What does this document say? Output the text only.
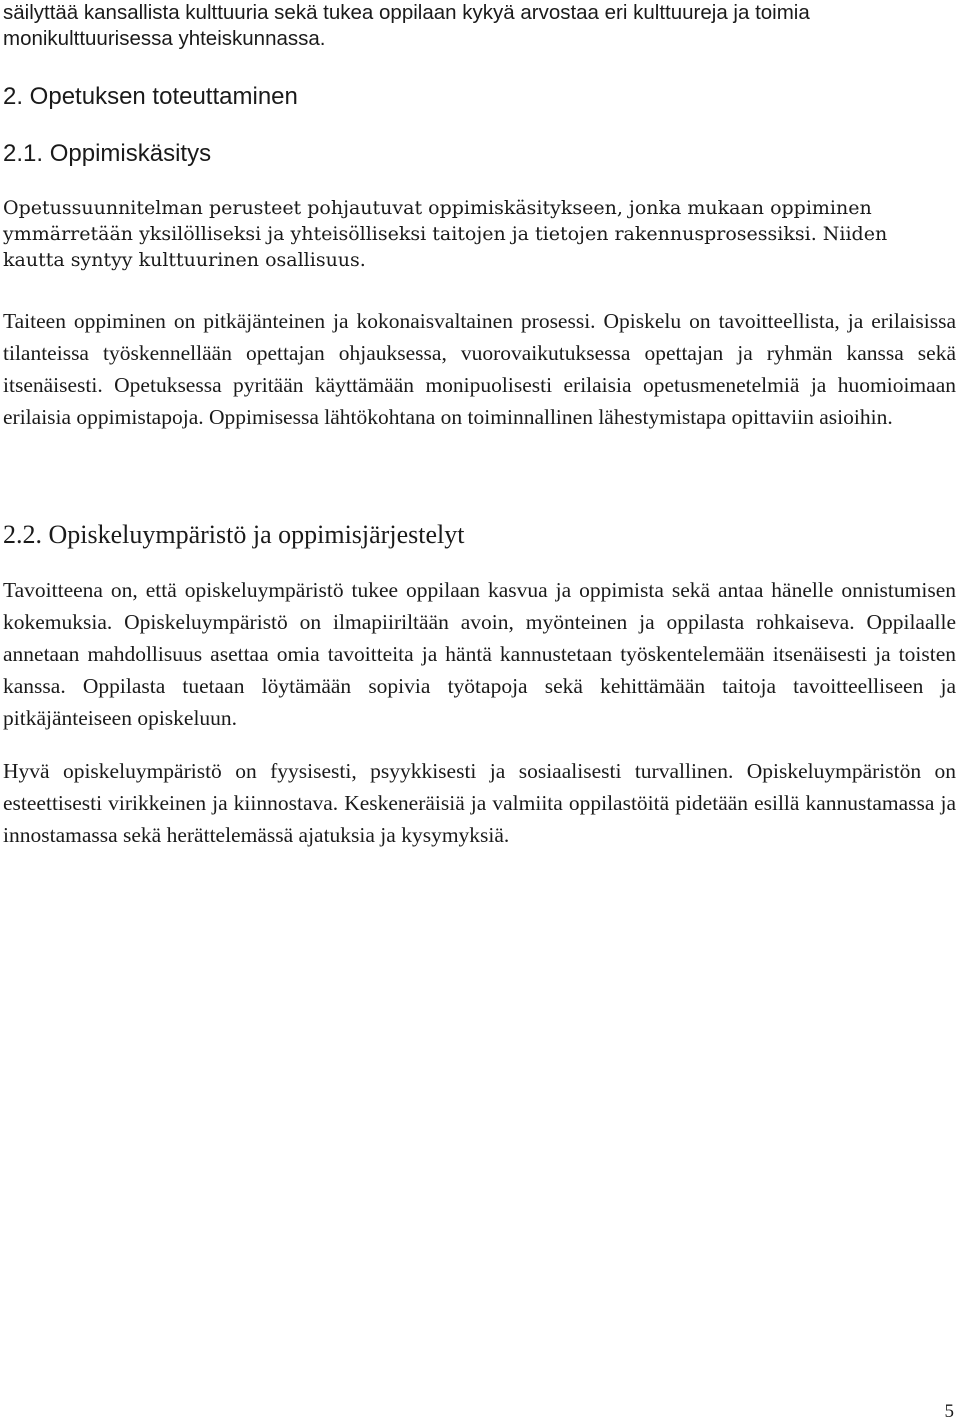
säilyttää kansallista kulttuuria sekä tukea oppilaan kykyä arvostaa eri kulttuureja ja toimia
monikulttuurisessa yhteiskunnassa.

2. Opetuksen toteuttaminen
2.1. Oppimiskäsitys

Opetussuunnitelman perusteet pohjautuvat oppimiskäsitykseen, jonka mukaan oppiminen
ymmärretään yksilölliseksi ja yhteisölliseksi taitojen ja tietojen rakennusprosessiksi. Niiden
kautta syntyy kulttuurinen osallisuus.

Taiteen oppiminen on pitkäjänteinen ja kokonaisvaltainen prosessi. Opiskelu on tavoitteellista, ja erilaisissa tilanteissa työskennellään opettajan ohjauksessa, vuorovaikutuksessa opettajan ja ryhmän kanssa sekä itsenäisesti. Opetuksessa pyritään käyttämään monipuolisesti erilaisia opetusmenetelmiä ja huomioimaan erilaisia oppimistapoja. Oppimisessa lähtökohtana on toiminnallinen lähestymistapa opittaviin asioihin.

2.2. Opiskeluympäristö ja oppimisjärjestelyt

Tavoitteena on, että opiskeluympäristö tukee oppilaan kasvua ja oppimista sekä antaa hänelle onnistumisen kokemuksia. Opiskeluympäristö on ilmapiiriltään avoin, myönteinen ja oppilasta rohkaiseva. Oppilaalle annetaan mahdollisuus asettaa omia tavoitteita ja häntä kannustetaan työskentelemään itsenäisesti ja toisten kanssa. Oppilasta tuetaan löytämään sopivia työtapoja sekä kehittämään taitoja tavoitteelliseen ja pitkäjänteiseen opiskeluun.

Hyvä opiskeluympäristö on fyysisesti, psyykkisesti ja sosiaalisesti turvallinen. Opiskeluympäristön on esteettisesti virikkeinen ja kiinnostava. Keskeneräisiä ja valmiita oppilastöitä pidetään esillä kannustamassa ja innostamassa sekä herättelemässä ajatuksia ja kysymyksiä.

5
